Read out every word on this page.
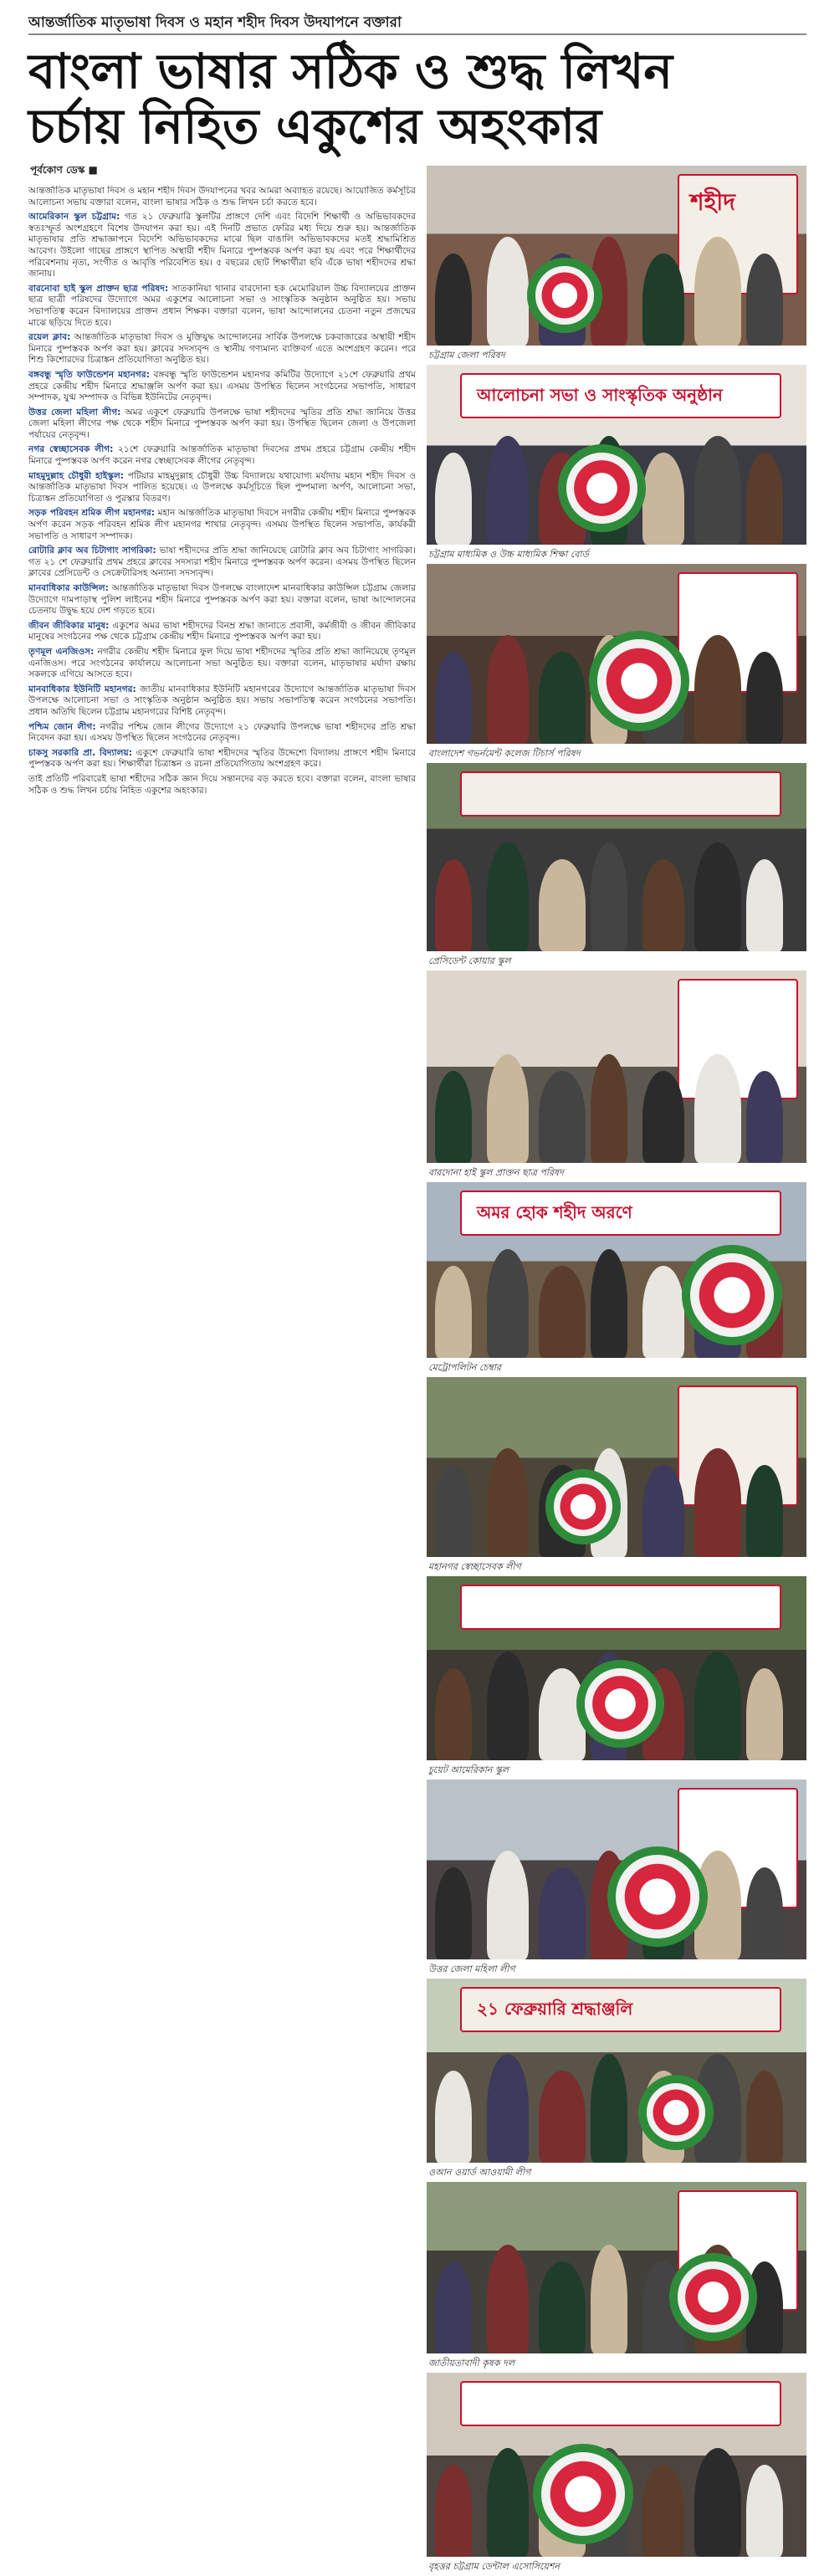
আন্তর্জাতিক মাতৃভাষা দিবস ও মহান শহীদ দিবস উদযাপনে বক্তারা
বাংলা ভাষার সঠিক ও শুদ্ধ লিখন
চর্চায় নিহিত একুশের অহংকার
পূর্বকোণ ডেস্ক ■

আন্তর্জাতিক মাতৃভাষা দিবস ও মহান শহীদ দিবস উদযাপনের খবর আমরা অব্যাহত রয়েছে। আয়োজিত কর্মসূচির আলোচনা সভায় বক্তারা বলেন, বাংলা ভাষার সঠিক ও শুদ্ধ লিখন চর্চা করতে হবে।

আমেরিকান স্কুল চট্টগ্রাম: গত ২১ ফেব্রুয়ারি স্কুলটির প্রাঙ্গণে দেশি এবং বিদেশি শিক্ষার্থী ও অভিভাবকদের স্বতঃস্ফূর্ত অংশগ্রহণে বিশেষ উদযাপন করা হয়। এই দিনটি প্রভাত ফেরির মধ্য দিয়ে শুরু হয়। আন্তর্জাতিক মাতৃভাষার প্রতি শ্রদ্ধাজ্ঞাপনে বিদেশি অভিভাবকদের মাঝে ছিল বাঙালি অভিভাবকদের মতই শ্রদ্ধামিশ্রিত আবেগ। উইলো গাছের প্রাঙ্গণে স্থাপিত অস্থায়ী শহীদ মিনারে পুষ্পস্তবক অর্পণ করা হয় এবং পরে শিক্ষার্থীদের পরিবেশনায় নৃত্য, সংগীত ও আবৃত্তি পরিবেশিত হয়। ৫ বছরের ছোট শিক্ষার্থীরা ছবি এঁকে ভাষা শহীদদের শ্রদ্ধা জানায়।

বারনোবা হাই স্কুল প্রাক্তন ছাত্র পরিষদ: সাতকানিয়া থানার বারদোনা হক মেমোরিয়াল উচ্চ বিদ্যালয়ের প্রাক্তন ছাত্র ছাত্রী পরিষদের উদ্যোগে অমর একুশের আলোচনা সভা ও সাংস্কৃতিক অনুষ্ঠান অনুষ্ঠিত হয়। সভায় সভাপতিত্ব করেন বিদ্যালয়ের প্রাক্তন প্রধান শিক্ষক। বক্তারা বলেন, ভাষা আন্দোলনের চেতনা নতুন প্রজন্মের মাঝে ছড়িয়ে দিতে হবে।

রয়েল ক্লাব: আন্তর্জাতিক মাতৃভাষা দিবস ও মুক্তিযুদ্ধ আন্দোলনের সার্বিক উপলক্ষে চকবাজারের অস্থায়ী শহীদ মিনারে পুষ্পস্তবক অর্পণ করা হয়। ক্লাবের সদস্যবৃন্দ ও স্থানীয় গণ্যমান্য ব্যক্তিবর্গ এতে অংশগ্রহণ করেন। পরে শিশু কিশোরদের চিত্রাঙ্কন প্রতিযোগিতা অনুষ্ঠিত হয়।

বঙ্গবন্ধু স্মৃতি ফাউন্ডেশন মহানগর: বঙ্গবন্ধু স্মৃতি ফাউন্ডেশন মহানগর কমিটির উদ্যোগে ২১শে ফেব্রুয়ারি প্রথম প্রহরে কেন্দ্রীয় শহীদ মিনারে শ্রদ্ধাঞ্জলি অর্পণ করা হয়। এসময় উপস্থিত ছিলেন সংগঠনের সভাপতি, সাধারণ সম্পাদক, যুগ্ম সম্পাদক ও বিভিন্ন ইউনিটের নেতৃবৃন্দ।

উত্তর জেলা মহিলা লীগ: অমর একুশে ফেব্রুয়ারি উপলক্ষে ভাষা শহীদদের স্মৃতির প্রতি শ্রদ্ধা জানিয়ে উত্তর জেলা মহিলা লীগের পক্ষ থেকে শহীদ মিনারে পুষ্পস্তবক অর্পণ করা হয়। উপস্থিত ছিলেন জেলা ও উপজেলা পর্যায়ের নেতৃবৃন্দ।

নগর স্বেচ্ছাসেবক লীগ: ২১শে ফেব্রুয়ারি আন্তর্জাতিক মাতৃভাষা দিবসের প্রথম প্রহরে চট্টগ্রাম কেন্দ্রীয় শহীদ মিনারে পুষ্পস্তবক অর্পণ করেন নগর স্বেচ্ছাসেবক লীগের নেতৃবৃন্দ।

মাহমুদুল্লাহ চৌধুরী হাইস্কুল: পটিয়ার মাহমুদুল্লাহ চৌধুরী উচ্চ বিদ্যালয়ে যথাযোগ্য মর্যাদায় মহান শহীদ দিবস ও আন্তর্জাতিক মাতৃভাষা দিবস পালিত হয়েছে। এ উপলক্ষে কর্মসূচিতে ছিল পুষ্পমাল্য অর্পণ, আলোচনা সভা, চিত্রাঙ্কন প্রতিযোগিতা ও পুরস্কার বিতরণ।

সড়ক পরিবহন শ্রমিক লীগ মহানগর: মহান আন্তর্জাতিক মাতৃভাষা দিবসে নগরীর কেন্দ্রীয় শহীদ মিনারে পুষ্পস্তবক অর্পণ করেন সড়ক পরিবহন শ্রমিক লীগ মহানগর শাখার নেতৃবৃন্দ। এসময় উপস্থিত ছিলেন সভাপতি, কার্যকরী সভাপতি ও সাধারণ সম্পাদক।

রোটারি ক্লাব অব চিটাগাং সাগরিকা: ভাষা শহীদদের প্রতি শ্রদ্ধা জানিয়েছে রোটারি ক্লাব অব চিটাগাং সাগরিকা। গত ২১ শে ফেব্রুয়ারি প্রথম প্রহরে ক্লাবের সদস্যরা শহীদ মিনারে পুষ্পস্তবক অর্পণ করেন। এসময় উপস্থিত ছিলেন ক্লাবের প্রেসিডেন্ট ও সেক্রেটারিসহ অন্যান্য সদস্যবৃন্দ।

মানবাধিকার কাউন্সিল: আন্তর্জাতিক মাতৃভাষা দিবস উপলক্ষে বাংলাদেশ মানবাধিকার কাউন্সিল চট্টগ্রাম জেলার উদ্যোগে দামপাড়াস্থ পুলিশ লাইনের শহীদ মিনারে পুষ্পস্তবক অর্পণ করা হয়। বক্তারা বলেন, ভাষা আন্দোলনের চেতনায় উদ্বুদ্ধ হয়ে দেশ গড়তে হবে।

জীবন জীবিকার মানুষ: একুশের অমর ভাষা শহীদদের বিনম্র শ্রদ্ধা জানাতে প্রবাসী, কর্মজীবী ও জীবন জীবিকার মানুষের সংগঠনের পক্ষ থেকে চট্টগ্রাম কেন্দ্রীয় শহীদ মিনারে পুষ্পস্তবক অর্পণ করা হয়।

তৃণমূল এনজিওস: নগরীর কেন্দ্রীয় শহীদ মিনারে ফুল দিয়ে ভাষা শহীদদের স্মৃতির প্রতি শ্রদ্ধা জানিয়েছে তৃণমূল এনজিওস। পরে সংগঠনের কার্যালয়ে আলোচনা সভা অনুষ্ঠিত হয়। বক্তারা বলেন, মাতৃভাষার মর্যাদা রক্ষায় সকলকে এগিয়ে আসতে হবে।

মানবাধিকার ইউনিটি মহানগর: জাতীয় মানবাধিকার ইউনিটি মহানগরের উদ্যোগে আন্তর্জাতিক মাতৃভাষা দিবস উপলক্ষে আলোচনা সভা ও সাংস্কৃতিক অনুষ্ঠান অনুষ্ঠিত হয়। সভায় সভাপতিত্ব করেন সংগঠনের সভাপতি। প্রধান অতিথি ছিলেন চট্টগ্রাম মহানগরের বিশিষ্ট নেতৃবৃন্দ।

পশ্চিম জোন লীগ: নগরীর পশ্চিম জোন লীগের উদ্যোগে ২১ ফেব্রুয়ারি উপলক্ষে ভাষা শহীদদের প্রতি শ্রদ্ধা নিবেদন করা হয়। এসময় উপস্থিত ছিলেন সংগঠনের নেতৃবৃন্দ।

চাকসু সরকারি প্রা. বিদ্যালয়: একুশে ফেব্রুয়ারি ভাষা শহীদদের স্মৃতির উদ্দেশ্যে বিদ্যালয় প্রাঙ্গণে শহীদ মিনারে পুষ্পস্তবক অর্পণ করা হয়। শিক্ষার্থীরা চিত্রাঙ্কন ও রচনা প্রতিযোগিতায় অংশগ্রহণ করে।

তাই প্রতিটি পরিবারেই ভাষা শহীদের সঠিক জ্ঞান দিয়ে সন্তানদের বড় করতে হবে। বক্তারা বলেন, বাংলা ভাষার সঠিক ও শুদ্ধ লিখন চর্চায় নিহিত একুশের অহংকার।

শহীদ
চট্টগ্রাম জেলা পরিষদ
আলোচনা সভা ও সাংস্কৃতিক অনুষ্ঠান
চট্টগ্রাম মাধ্যমিক ও উচ্চ মাধ্যমিক শিক্ষা বোর্ড
বাংলাদেশ গভর্নমেন্ট কলেজ টিচার্স পরিষদ
প্রেসিডেন্ট কোয়ার স্কুল
বারদোনা হাই স্কুল প্রাক্তন ছাত্র পরিষদ
অমর হোক শহীদ অরণে
মেট্রোপলিটন চেম্বার
মহানগর স্বেচ্ছাসেবক লীগ
চুয়েট আমেরিকান স্কুল
উত্তর জেলা মহিলা লীগ
২১ ফেব্রুয়ারি শ্রদ্ধাঞ্জলি
ওআন ওয়ার্ড আওয়ামী লীগ
জাতীয়তাবাদী কৃষক দল
বৃহত্তর চট্টগ্রাম ডেন্টাল এসোসিয়েশন
